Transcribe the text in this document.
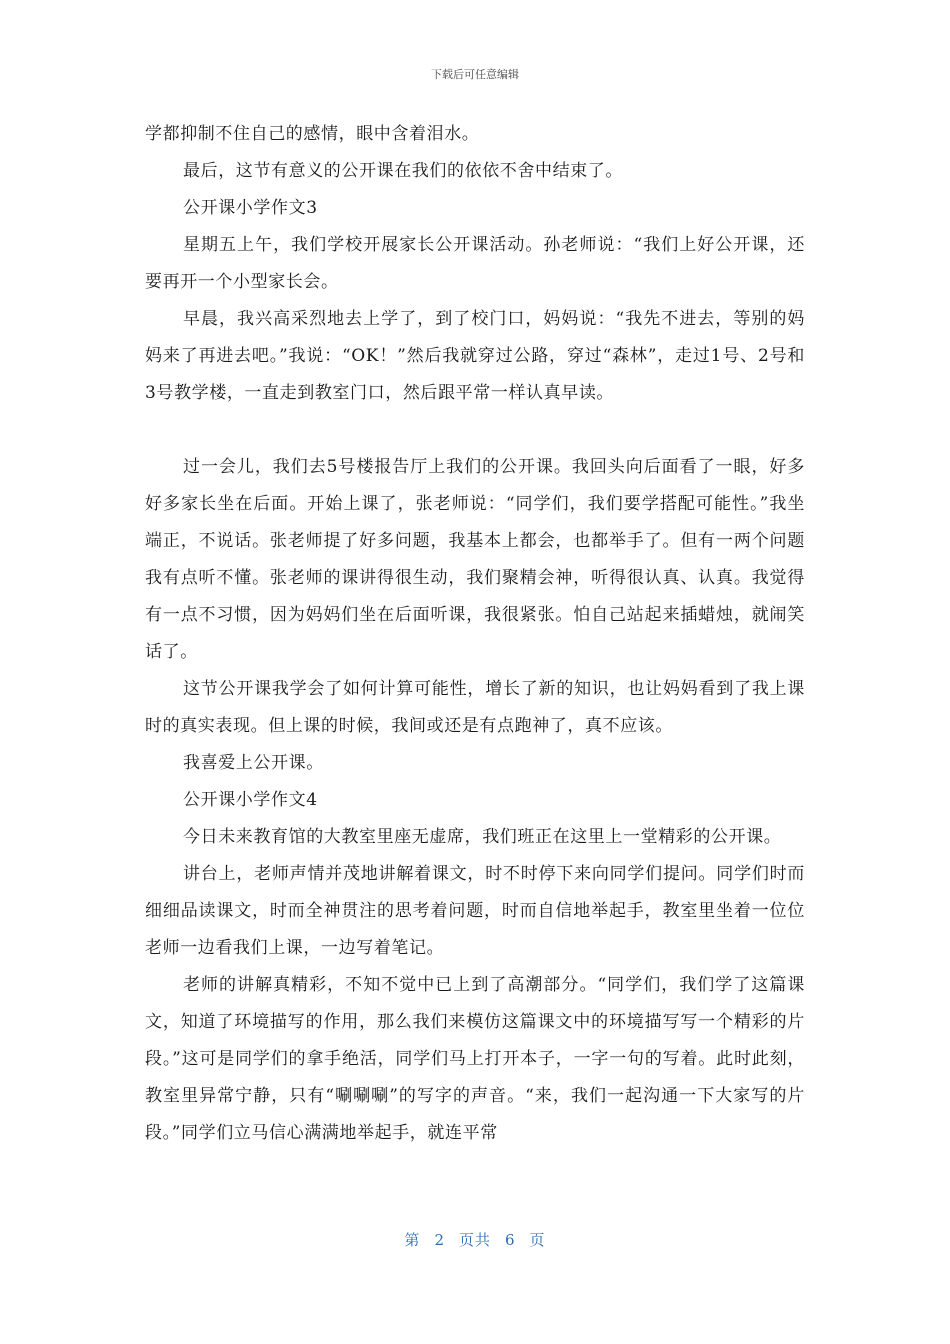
下载后可任意编辑

学都抑制不住自己的感情，眼中含着泪水。

最后，这节有意义的公开课在我们的依依不舍中结束了。

公开课小学作文3

星期五上午，我们学校开展家长公开课活动。孙老师说：“我们上好公开课，还要再开一个小型家长会。

早晨，我兴高采烈地去上学了，到了校门口，妈妈说：“我先不进去，等别的妈妈来了再进去吧。”我说：“OK！”然后我就穿过公路，穿过“森林”，走过1号、2号和3号教学楼，一直走到教室门口，然后跟平常一样认真早读。

过一会儿，我们去5号楼报告厅上我们的公开课。我回头向后面看了一眼，好多好多家长坐在后面。开始上课了，张老师说：“同学们，我们要学搭配可能性。”我坐端正，不说话。张老师提了好多问题，我基本上都会，也都举手了。但有一两个问题我有点听不懂。张老师的课讲得很生动，我们聚精会神，听得很认真、认真。我觉得有一点不习惯，因为妈妈们坐在后面听课，我很紧张。怕自己站起来插蜡烛，就闹笑话了。

这节公开课我学会了如何计算可能性，增长了新的知识，也让妈妈看到了我上课时的真实表现。但上课的时候，我间或还是有点跑神了，真不应该。

我喜爱上公开课。

公开课小学作文4

今日未来教育馆的大教室里座无虚席，我们班正在这里上一堂精彩的公开课。

讲台上，老师声情并茂地讲解着课文，时不时停下来向同学们提问。同学们时而细细品读课文，时而全神贯注的思考着问题，时而自信地举起手，教室里坐着一位位老师一边看我们上课，一边写着笔记。

老师的讲解真精彩，不知不觉中已上到了高潮部分。“同学们，我们学了这篇课文，知道了环境描写的作用，那么我们来模仿这篇课文中的环境描写写一个精彩的片段。”这可是同学们的拿手绝活，同学们马上打开本子，一字一句的写着。此时此刻，教室里异常宁静，只有“唰唰唰”的写字的声音。“来，我们一起沟通一下大家写的片段。”同学们立马信心满满地举起手，就连平常

第 2 页共 6 页
